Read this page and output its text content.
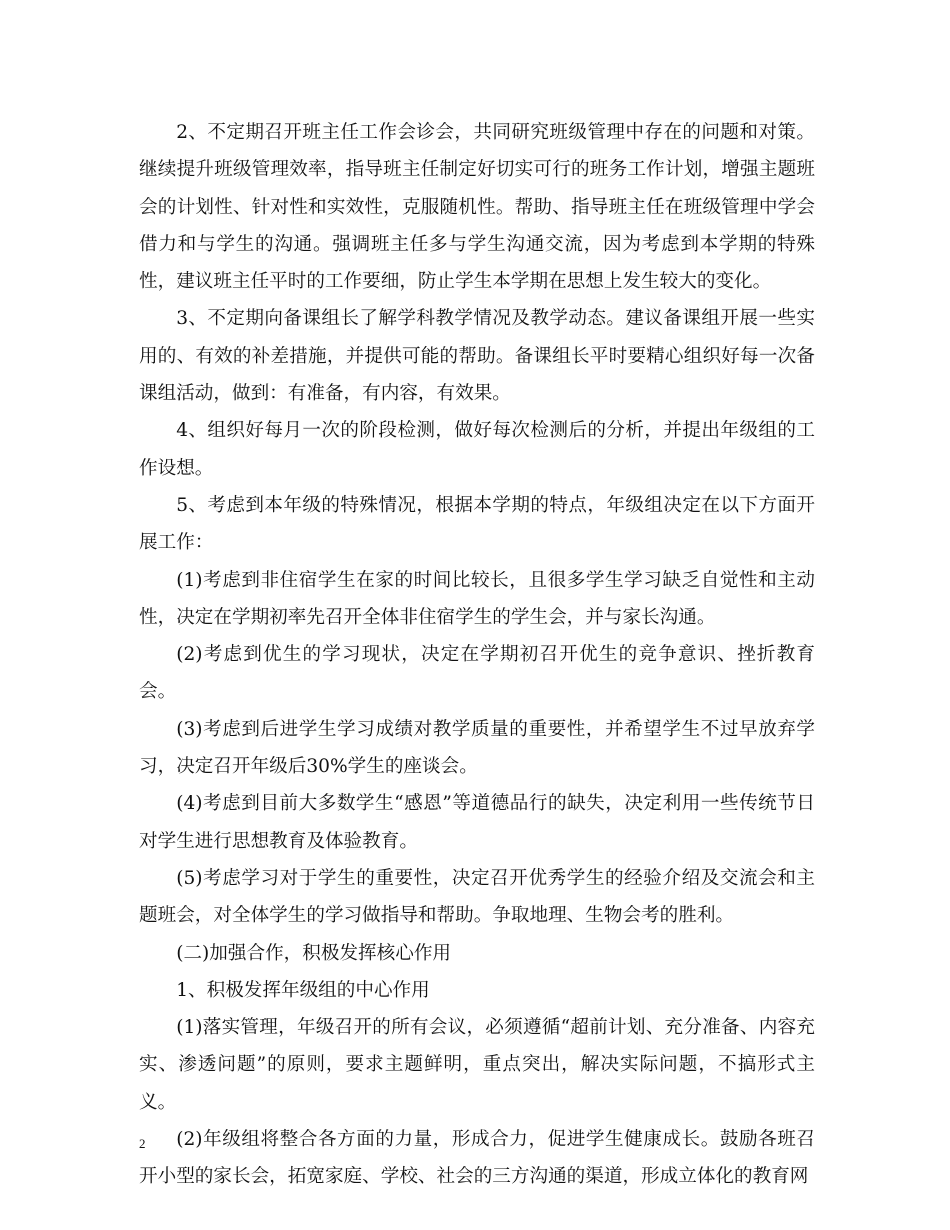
2、不定期召开班主任工作会诊会，共同研究班级管理中存在的问题和对策。继续提升班级管理效率，指导班主任制定好切实可行的班务工作计划，增强主题班会的计划性、针对性和实效性，克服随机性。帮助、指导班主任在班级管理中学会借力和与学生的沟通。强调班主任多与学生沟通交流，因为考虑到本学期的特殊性，建议班主任平时的工作要细，防止学生本学期在思想上发生较大的变化。

3、不定期向备课组长了解学科教学情况及教学动态。建议备课组开展一些实用的、有效的补差措施，并提供可能的帮助。备课组长平时要精心组织好每一次备课组活动，做到：有准备，有内容，有效果。

4、组织好每月一次的阶段检测，做好每次检测后的分析，并提出年级组的工作设想。

5、考虑到本年级的特殊情况，根据本学期的特点，年级组决定在以下方面开展工作：

(1)考虑到非住宿学生在家的时间比较长，且很多学生学习缺乏自觉性和主动性，决定在学期初率先召开全体非住宿学生的学生会，并与家长沟通。

(2)考虑到优生的学习现状，决定在学期初召开优生的竞争意识、挫折教育会。

(3)考虑到后进学生学习成绩对教学质量的重要性，并希望学生不过早放弃学习，决定召开年级后30%学生的座谈会。

(4)考虑到目前大多数学生“感恩”等道德品行的缺失，决定利用一些传统节日对学生进行思想教育及体验教育。

(5)考虑学习对于学生的重要性，决定召开优秀学生的经验介绍及交流会和主题班会，对全体学生的学习做指导和帮助。争取地理、生物会考的胜利。

(二)加强合作，积极发挥核心作用

1、积极发挥年级组的中心作用

(1)落实管理，年级召开的所有会议，必须遵循“超前计划、充分准备、内容充实、渗透问题”的原则，要求主题鲜明，重点突出，解决实际问题，不搞形式主义。

(2)年级组将整合各方面的力量，形成合力，促进学生健康成长。鼓励各班召开小型的家长会，拓宽家庭、学校、社会的三方沟通的渠道，形成立体化的教育网

2
